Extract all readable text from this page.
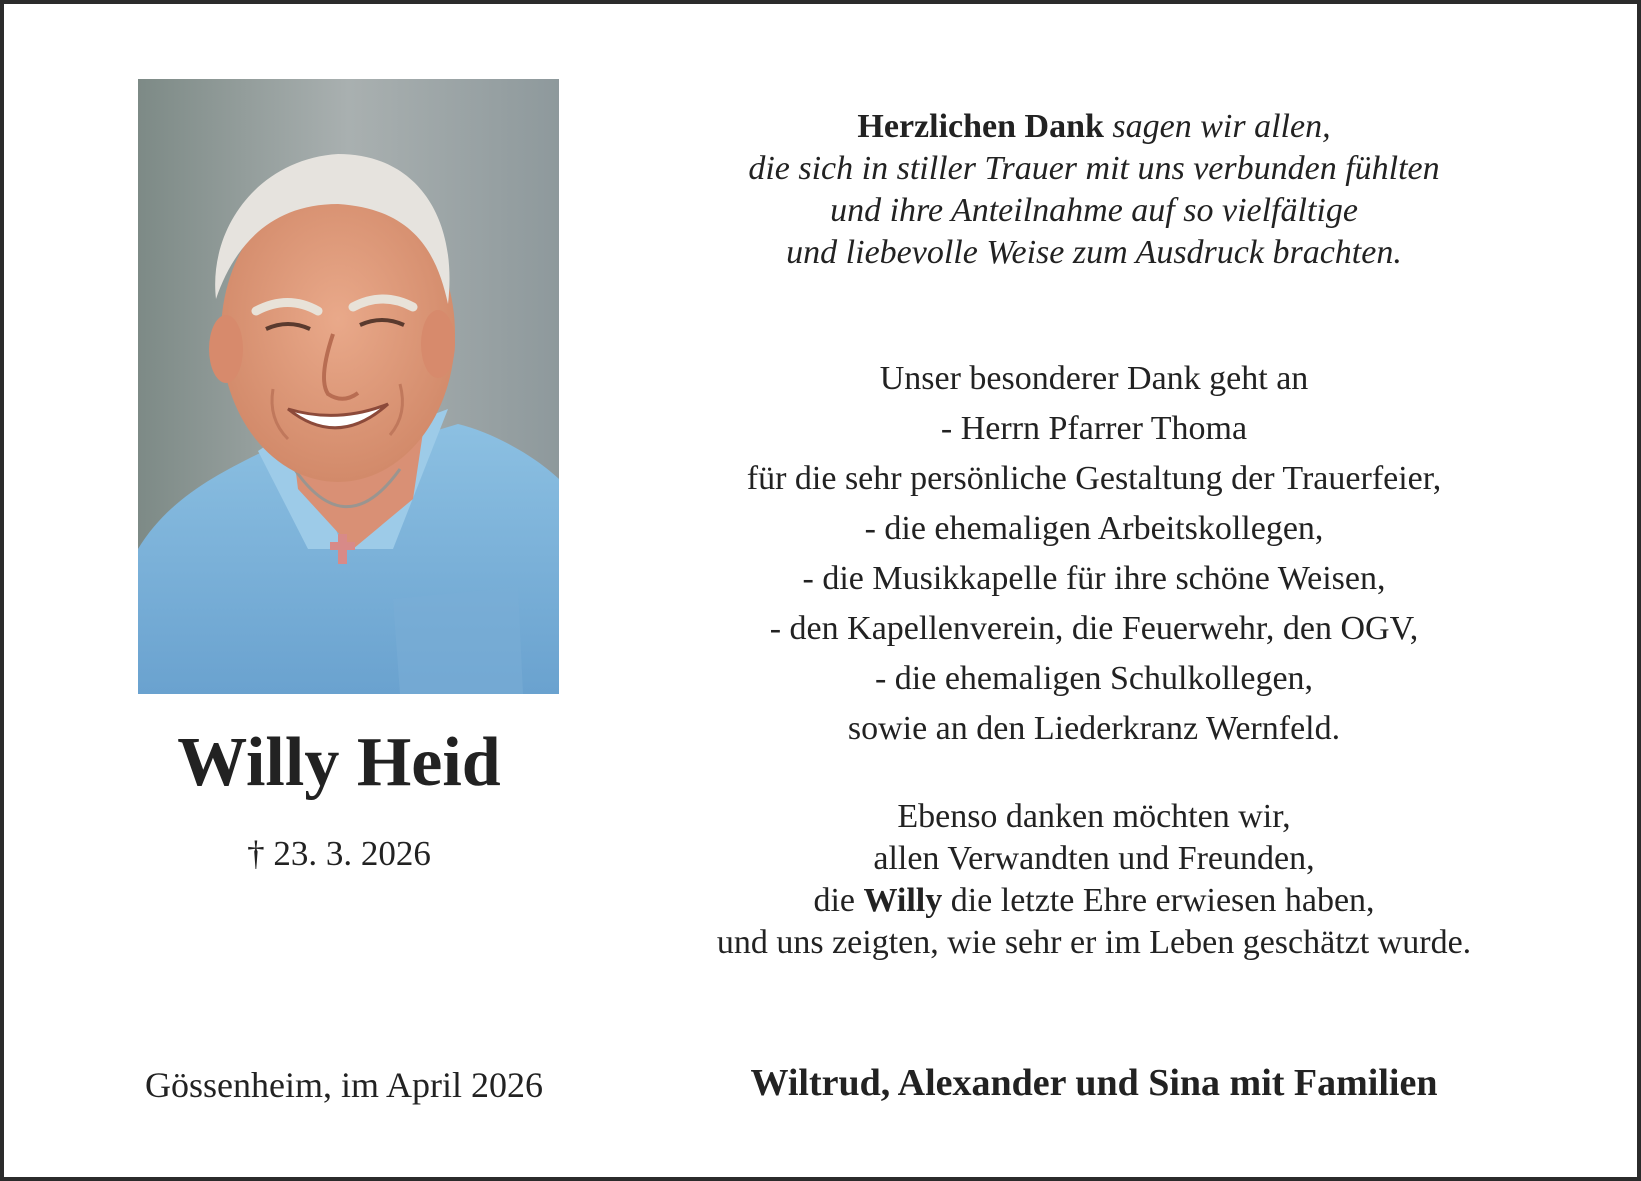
Willy Heid
† 23. 3. 2026
Gössenheim, im April 2026
Herzlichen Dank sagen wir allen,
die sich in stiller Trauer mit uns verbunden fühlten
und ihre Anteilnahme auf so vielfältige
und liebevolle Weise zum Ausdruck brachten.
Unser besonderer Dank geht an
- Herrn Pfarrer Thoma
für die sehr persönliche Gestaltung der Trauerfeier,
- die ehemaligen Arbeitskollegen,
- die Musikkapelle für ihre schöne Weisen,
- den Kapellenverein, die Feuerwehr, den OGV,
- die ehemaligen Schulkollegen,
sowie an den Liederkranz Wernfeld.
Ebenso danken möchten wir,
allen Verwandten und Freunden,
die Willy die letzte Ehre erwiesen haben,
und uns zeigten, wie sehr er im Leben geschätzt wurde.
Wiltrud, Alexander und Sina mit Familien
